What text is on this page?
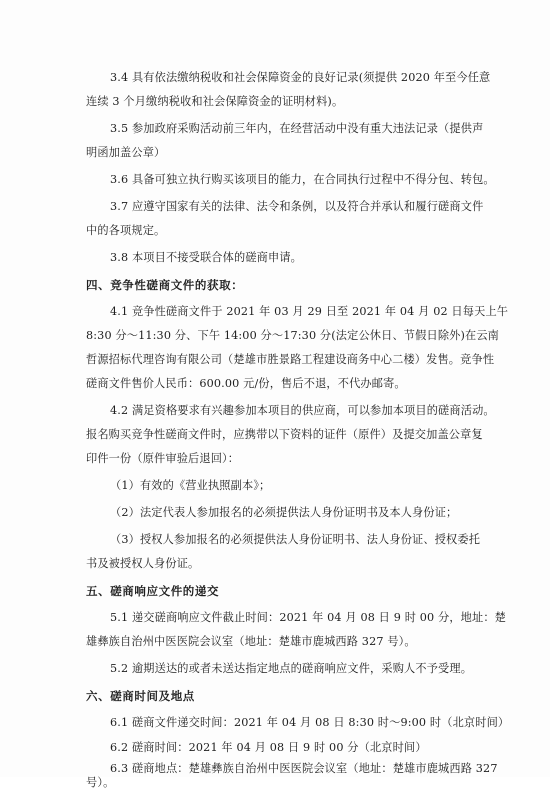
3.4 具有依法缴纳税收和社会保障资金的良好记录(须提供 2020 年至今任意
连续 3 个月缴纳税收和社会保障资金的证明材料)。
3.5 参加政府采购活动前三年内，在经营活动中没有重大违法记录（提供声
明函加盖公章）
3.6 具备可独立执行购买该项目的能力，在合同执行过程中不得分包、转包。
3.7 应遵守国家有关的法律、法令和条例，以及符合并承认和履行磋商文件
中的各项规定。
3.8 本项目不接受联合体的磋商申请。
四、竞争性磋商文件的获取：
4.1 竞争性磋商文件于 2021 年 03 月 29 日至 2021 年 04 月 02 日每天上午
8:30 分～11:30 分、下午 14:00 分～17:30 分(法定公休日、节假日除外)在云南
哲源招标代理咨询有限公司（楚雄市胜景路工程建设商务中心二楼）发售。竞争性
磋商文件售价人民币：600.00 元/份，售后不退，不代办邮寄。
4.2 满足资格要求有兴趣参加本项目的供应商，可以参加本项目的磋商活动。
报名购买竞争性磋商文件时，应携带以下资料的证件（原件）及提交加盖公章复
印件一份（原件审验后退回）：
（1）有效的《营业执照副本》；
（2）法定代表人参加报名的必须提供法人身份证明书及本人身份证；
（3）授权人参加报名的必须提供法人身份证明书、法人身份证、授权委托
书及被授权人身份证。
五、磋商响应文件的递交
5.1 递交磋商响应文件截止时间：2021 年 04 月 08 日 9 时 00 分，地址：楚
雄彝族自治州中医医院会议室（地址：楚雄市鹿城西路 327 号）。
5.2 逾期送达的或者未送达指定地点的磋商响应文件，采购人不予受理。
六、磋商时间及地点
6.1 磋商文件递交时间：2021 年 04 月 08 日 8:30 时～9:00 时（北京时间）
6.2 磋商时间：2021 年 04 月 08 日 9 时 00 分（北京时间）
6.3 磋商地点：楚雄彝族自治州中医医院会议室（地址：楚雄市鹿城西路 327
号）。
